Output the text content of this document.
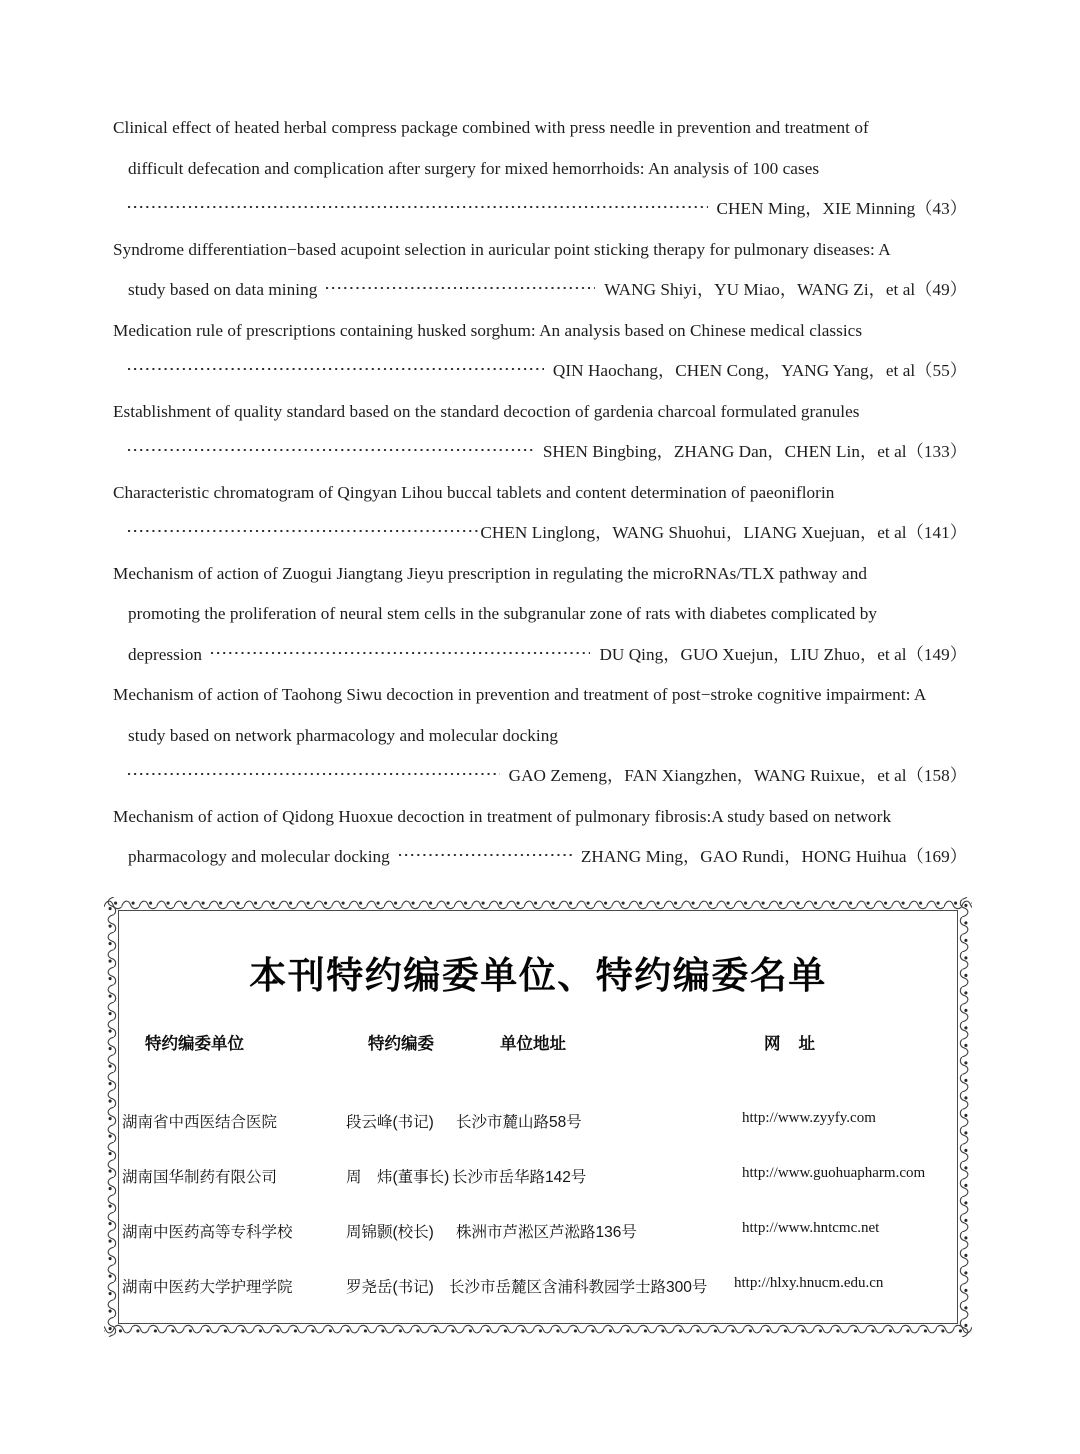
Clinical effect of heated herbal compress package combined with press needle in prevention and treatment of
difficult defecation and complication after surgery for mixed hemorrhoids: An analysis of 100 cases
CHEN Ming，XIE Minning（43）
Syndrome differentiation−based acupoint selection in auricular point sticking therapy for pulmonary diseases: A
study based on data mining	WANG Shiyi，YU Miao，WANG Zi，et al（49）
Medication rule of prescriptions containing husked sorghum: An analysis based on Chinese medical classics
QIN Haochang，CHEN Cong，YANG Yang，et al（55）
Establishment of quality standard based on the standard decoction of gardenia charcoal formulated granules
SHEN Bingbing，ZHANG Dan，CHEN Lin，et al（133）
Characteristic chromatogram of Qingyan Lihou buccal tablets and content determination of paeoniflorin
CHEN Linglong，WANG Shuohui，LIANG Xuejuan，et al（141）
Mechanism of action of Zuogui Jiangtang Jieyu prescription in regulating the microRNAs/TLX pathway and
promoting the proliferation of neural stem cells in the subgranular zone of rats with diabetes complicated by
depression	DU Qing，GUO Xuejun，LIU Zhuo，et al（149）
Mechanism of action of Taohong Siwu decoction in prevention and treatment of post−stroke cognitive impairment: A
study based on network pharmacology and molecular docking
GAO Zemeng，FAN Xiangzhen，WANG Ruixue，et al（158）
Mechanism of action of Qidong Huoxue decoction in treatment of pulmonary fibrosis:A study based on network
pharmacology and molecular docking	ZHANG Ming，GAO Rundi，HONG Huihua（169）
本刊特约编委单位、特约编委名单
特约编委单位	特约编委	单位地址	网址
湖南省中西医结合医院	段云峰(书记) 长沙市麓山路58号	http://www.zyyfy.com
湖南国华制药有限公司	周　炜(董事长) 长沙市岳华路142号	http://www.guohuapharm.com
湖南中医药高等专科学校	周锦颢(校长) 株洲市芦淞区芦淞路136号	http://www.hntcmc.net
湖南中医药大学护理学院	罗尧岳(书记) 长沙市岳麓区含浦科教园学士路300号 http://hlxy.hnucm.edu.cn
